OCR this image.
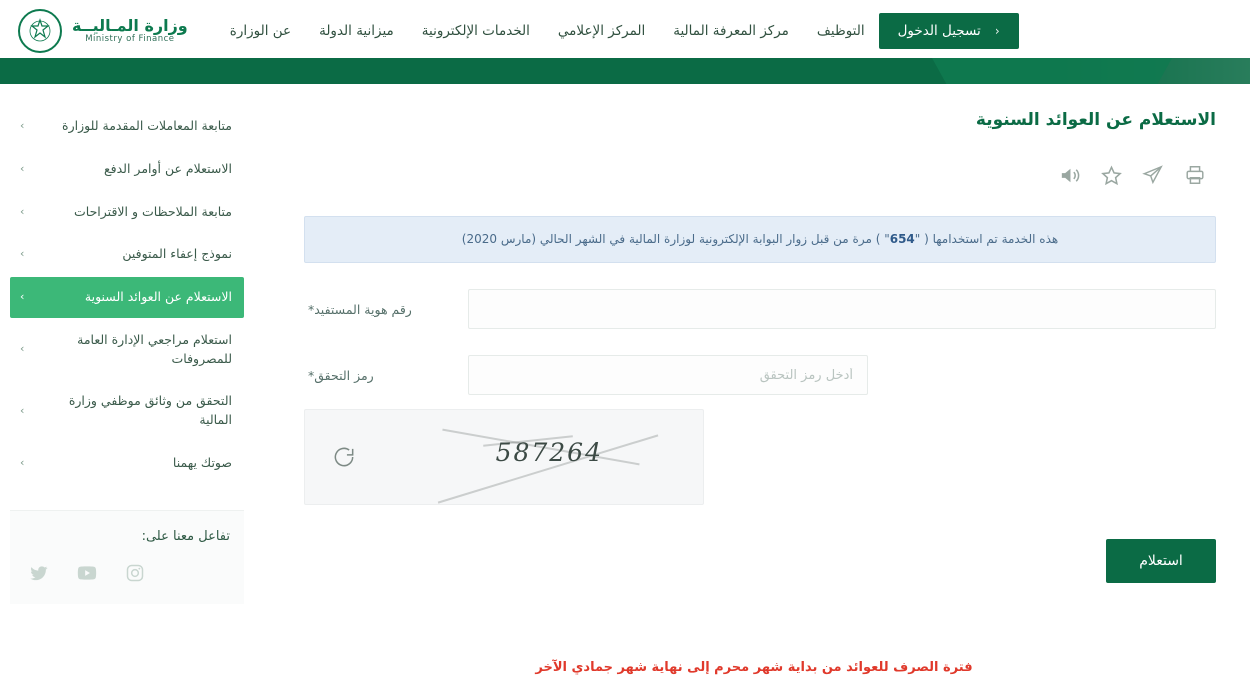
وزارة المـاليــة
Ministry of Finance
عن الوزارة	ميزانية الدولة	الخدمات الإلكترونية	المركز الإعلامي	مركز المعرفة المالية	التوظيف	تسجيل الدخول ‹
›	متابعة المعاملات المقدمة للوزارة
›	الاستعلام عن أوامر الدفع
›	متابعة الملاحظات و الاقتراحات
›	نموذج إعفاء المتوفين
›	الاستعلام عن العوائد السنوية
›
استعلام مراجعي الإدارة العامة للمصروفات
›
التحقق من وثائق موظفي وزارة المالية
›	صوتك يهمنا
تفاعل معنا على:
الاستعلام عن العوائد السنوية
هذه الخدمة تم استخدامها ( "654" ) مرة من قبل زوار البوابة الإلكترونية لوزارة المالية في الشهر الحالي (مارس 2020)
رقم هوية المستفيد*
رمز التحقق*
أدخل رمز التحقق
587264
استعلام
فترة الصرف للعوائد من بداية شهر محرم إلى نهاية شهر جمادي الآخر
